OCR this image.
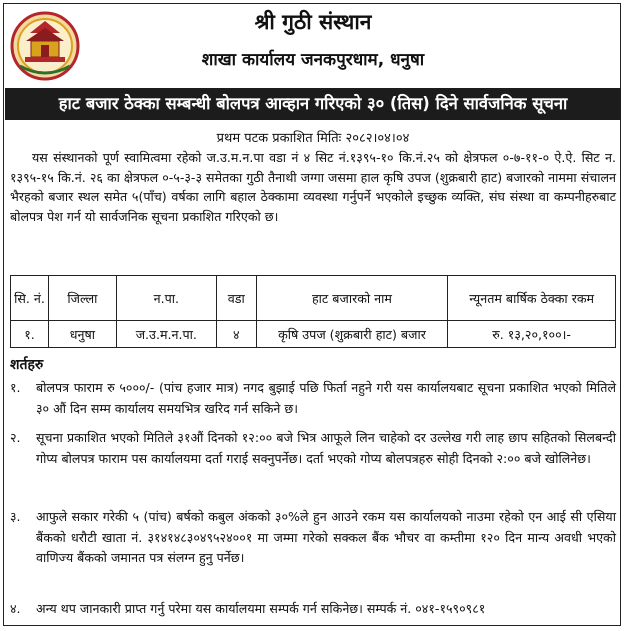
श्री गुठी संस्थान
शाखा कार्यालय जनकपुरधाम, धनुषा
हाट बजार ठेक्का सम्बन्धी बोलपत्र आव्हान गरिएको ३० (तिस) दिने सार्वजनिक सूचना
प्रथम पटक प्रकाशित मितिः २०८२।०४।०४
यस संस्थानको पूर्ण स्वामित्वमा रहेको ज.उ.म.न.पा वडा नं ४ सिट नं.१३९५-१० कि.नं.२५ को क्षेत्रफल ०-७-११-० ऐ.ऐ. सिट न. १३९५-१५ कि.नं. २६ का क्षेत्रफल ०-५-३-३ समेतका गुठी तैनाथी जग्गा जसमा हाल कृषि उपज (शुक्रबारी हाट) बजारको नाममा संचालन भैरहको बजार स्थल समेत ५(पाँच) वर्षका लागि बहाल ठेक्कामा व्यवस्था गर्नुपर्ने भएकोले इच्छुक व्यक्ति, संघ संस्था वा कम्पनीहरुबाट बोलपत्र पेश गर्न यो सार्वजनिक सूचना प्रकाशित गरिएको छ।
सि. नं.	जिल्ला	न.पा.	वडा	हाट बजारको नाम	न्यूनतम बार्षिक ठेक्का रकम
१.	धनुषा	ज.उ.म.न.पा.	४	कृषि उपज (शुक्रबारी हाट) बजार	रु. १३,२०,१००।-
शर्तहरु
१.	बोलपत्र फाराम रु ५०००/- (पांच हजार मात्र) नगद बुझाई पछि फिर्ता नहुने गरी यस कार्यालयबाट सूचना प्रकाशित भएको मितिले ३० औं दिन सम्म कार्यालय समयभित्र खरिद गर्न सकिने छ।
२.	सूचना प्रकाशित भएको मितिले ३१औं दिनको १२:०० बजे भित्र आफूले लिन चाहेको दर उल्लेख गरी लाह छाप सहितको सिलबन्दी गोप्य बोलपत्र फाराम पस कार्यालयमा दर्ता गराई सक्नुपर्नेछ। दर्ता भएको गोप्य बोलपत्रहरु सोही दिनको २:०० बजे खोलिनेछ।
३.	आफुले सकार गरेकी ५ (पांच) बर्षको कबुल अंकको ३०%ले हुन आउने रकम यस कार्यालयको नाउमा रहेको एन आई सी एसिया बैंकको धरौटी खाता नं. ३१४१४८३०४९५२४००१ मा जम्मा गरेको सक्कल बैंक भौचर वा कम्तीमा १२० दिन मान्य अवधी भएको वाणिज्य बैंकको जमानत पत्र संलग्न हुनु पर्नेछ।
४.	अन्य थप जानकारी प्राप्त गर्नु परेमा यस कार्यालयमा सम्पर्क गर्न सकिनेछ। सम्पर्क नं. ०४१-१५९०९८१
